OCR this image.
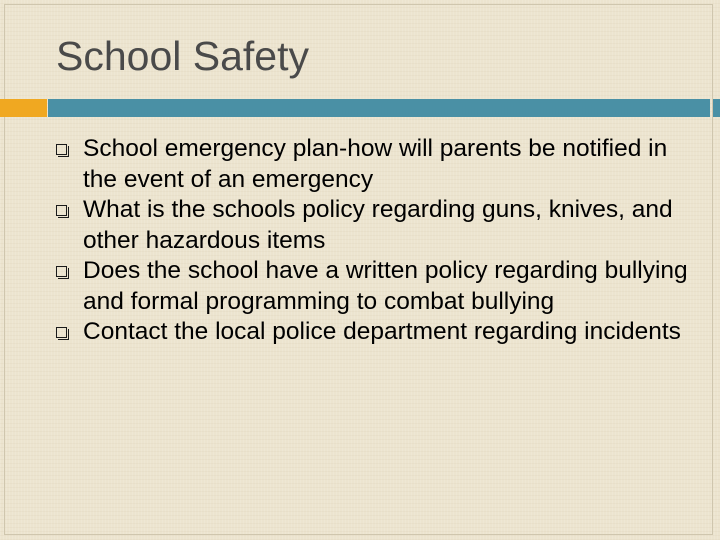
School Safety
School emergency plan-how will parents be notified in the event of an emergency
What is the schools policy regarding guns, knives, and other hazardous items
Does the school have a written policy regarding bullying and formal programming to combat bullying
Contact the local police department regarding incidents
